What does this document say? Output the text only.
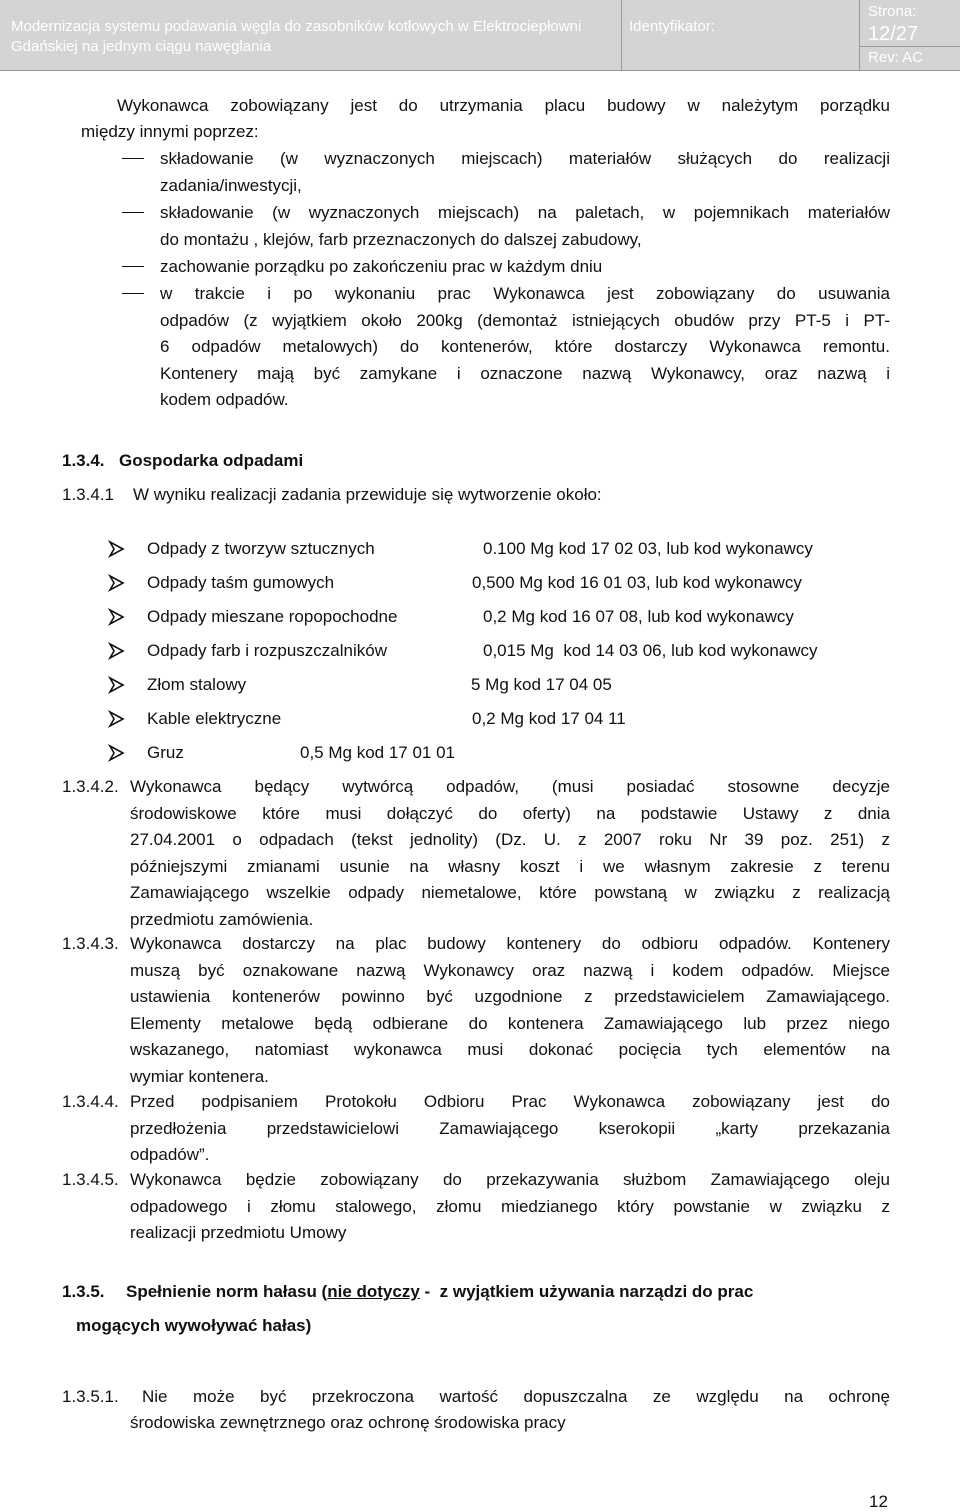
Modernizacja systemu podawania węgla do zasobników kotłowych w Elektrociepłowni
Gdańskiej na jednym ciągu nawęglania
Identyfikator:
Strona:
12/27
Rev: AC
Wykonawca zobowiązany jest do utrzymania placu budowy w należytym porządku
między innymi poprzez:
składowanie (w wyznaczonych miejscach) materiałów służących do realizacji
zadania/inwestycji,
składowanie (w wyznaczonych miejscach) na paletach, w pojemnikach materiałów
do montażu , klejów, farb przeznaczonych do dalszej zabudowy,
zachowanie porządku po zakończeniu prac w każdym dniu
w trakcie i po wykonaniu prac Wykonawca jest zobowiązany do usuwania
odpadów (z wyjątkiem około 200kg (demontaż istniejących obudów przy PT-5 i PT-
6 odpadów metalowych) do kontenerów, które dostarczy Wykonawca remontu.
Kontenery mają być zamykane i oznaczone nazwą Wykonawcy, oraz nazwą i
kodem odpadów.
1.3.4. Gospodarka odpadami
1.3.4.1 W wyniku realizacji zadania przewiduje się wytworzenie około:
Odpady z tworzyw sztucznych	0.100 Mg kod 17 02 03, lub kod wykonawcy
Odpady taśm gumowych	0,500 Mg kod 16 01 03, lub kod wykonawcy
Odpady mieszane ropopochodne	0,2 Mg kod 16 07 08, lub kod wykonawcy
Odpady farb i rozpuszczalników	0,015 Mg  kod 14 03 06, lub kod wykonawcy
Złom stalowy	5 Mg kod 17 04 05
Kable elektryczne	0,2 Mg kod 17 04 11
Gruz	0,5 Mg kod 17 01 01
1.3.4.2. Wykonawca będący wytwórcą odpadów, (musi posiadać stosowne decyzje
środowiskowe które musi dołączyć do oferty) na podstawie Ustawy z dnia
27.04.2001 o odpadach (tekst jednolity) (Dz. U. z 2007 roku Nr 39 poz. 251) z
późniejszymi zmianami usunie na własny koszt i we własnym zakresie z terenu
Zamawiającego wszelkie odpady niemetalowe, które powstaną w związku z realizacją
przedmiotu zamówienia.
1.3.4.3. Wykonawca dostarczy na plac budowy kontenery do odbioru odpadów. Kontenery
muszą być oznakowane nazwą Wykonawcy oraz nazwą i kodem odpadów. Miejsce
ustawienia kontenerów powinno być uzgodnione z przedstawicielem Zamawiającego.
Elementy metalowe będą odbierane do kontenera Zamawiającego lub przez niego
wskazanego, natomiast wykonawca musi dokonać pocięcia tych elementów na
wymiar kontenera.
1.3.4.4. Przed podpisaniem Protokołu Odbioru Prac Wykonawca zobowiązany jest do
przedłożenia przedstawicielowi Zamawiającego kserokopii „karty przekazania
odpadów”.
1.3.4.5. Wykonawca będzie zobowiązany do przekazywania służbom Zamawiającego oleju
odpadowego i złomu stalowego, złomu miedzianego który powstanie w związku z
realizacji przedmiotu Umowy
1.3.5. Spełnienie norm hałasu (nie dotyczy -  z wyjątkiem używania narządzi do prac
mogących wywoływać hałas)
1.3.5.1. Nie może być przekroczona wartość dopuszczalna ze względu na ochronę
środowiska zewnętrznego oraz ochronę środowiska pracy
12
